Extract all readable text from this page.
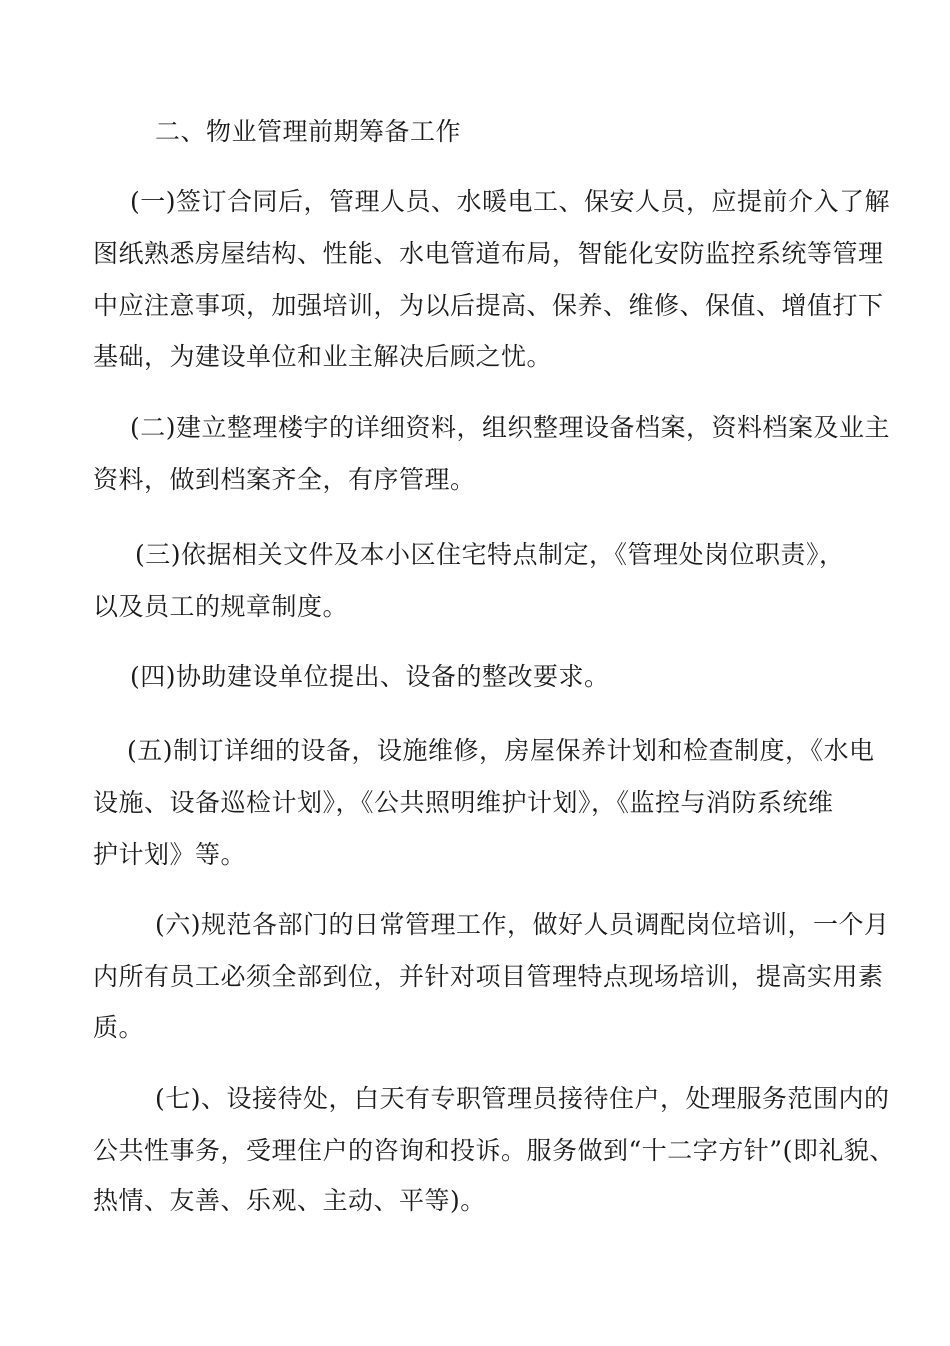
二、物业管理前期筹备工作

(一)签订合同后，管理人员、水暖电工、保安人员，应提前介入了解

图纸熟悉房屋结构、性能、水电管道布局，智能化安防监控系统等管理

中应注意事项，加强培训，为以后提高、保养、维修、保值、增值打下

基础，为建设单位和业主解决后顾之忧。

(二)建立整理楼宇的详细资料，组织整理设备档案，资料档案及业主

资料，做到档案齐全，有序管理。

(三)依据相关文件及本小区住宅特点制定，《管理处岗位职责》，

以及员工的规章制度。

(四)协助建设单位提出、设备的整改要求。

(五)制订详细的设备，设施维修，房屋保养计划和检查制度，《水电

设施、设备巡检计划》，《公共照明维护计划》，《监控与消防系统维

护计划》等。

(六)规范各部门的日常管理工作，做好人员调配岗位培训，一个月

内所有员工必须全部到位，并针对项目管理特点现场培训，提高实用素

质。

(七)、设接待处，白天有专职管理员接待住户，处理服务范围内的

公共性事务，受理住户的咨询和投诉。服务做到“十二字方针”(即礼貌、

热情、友善、乐观、主动、平等)。
